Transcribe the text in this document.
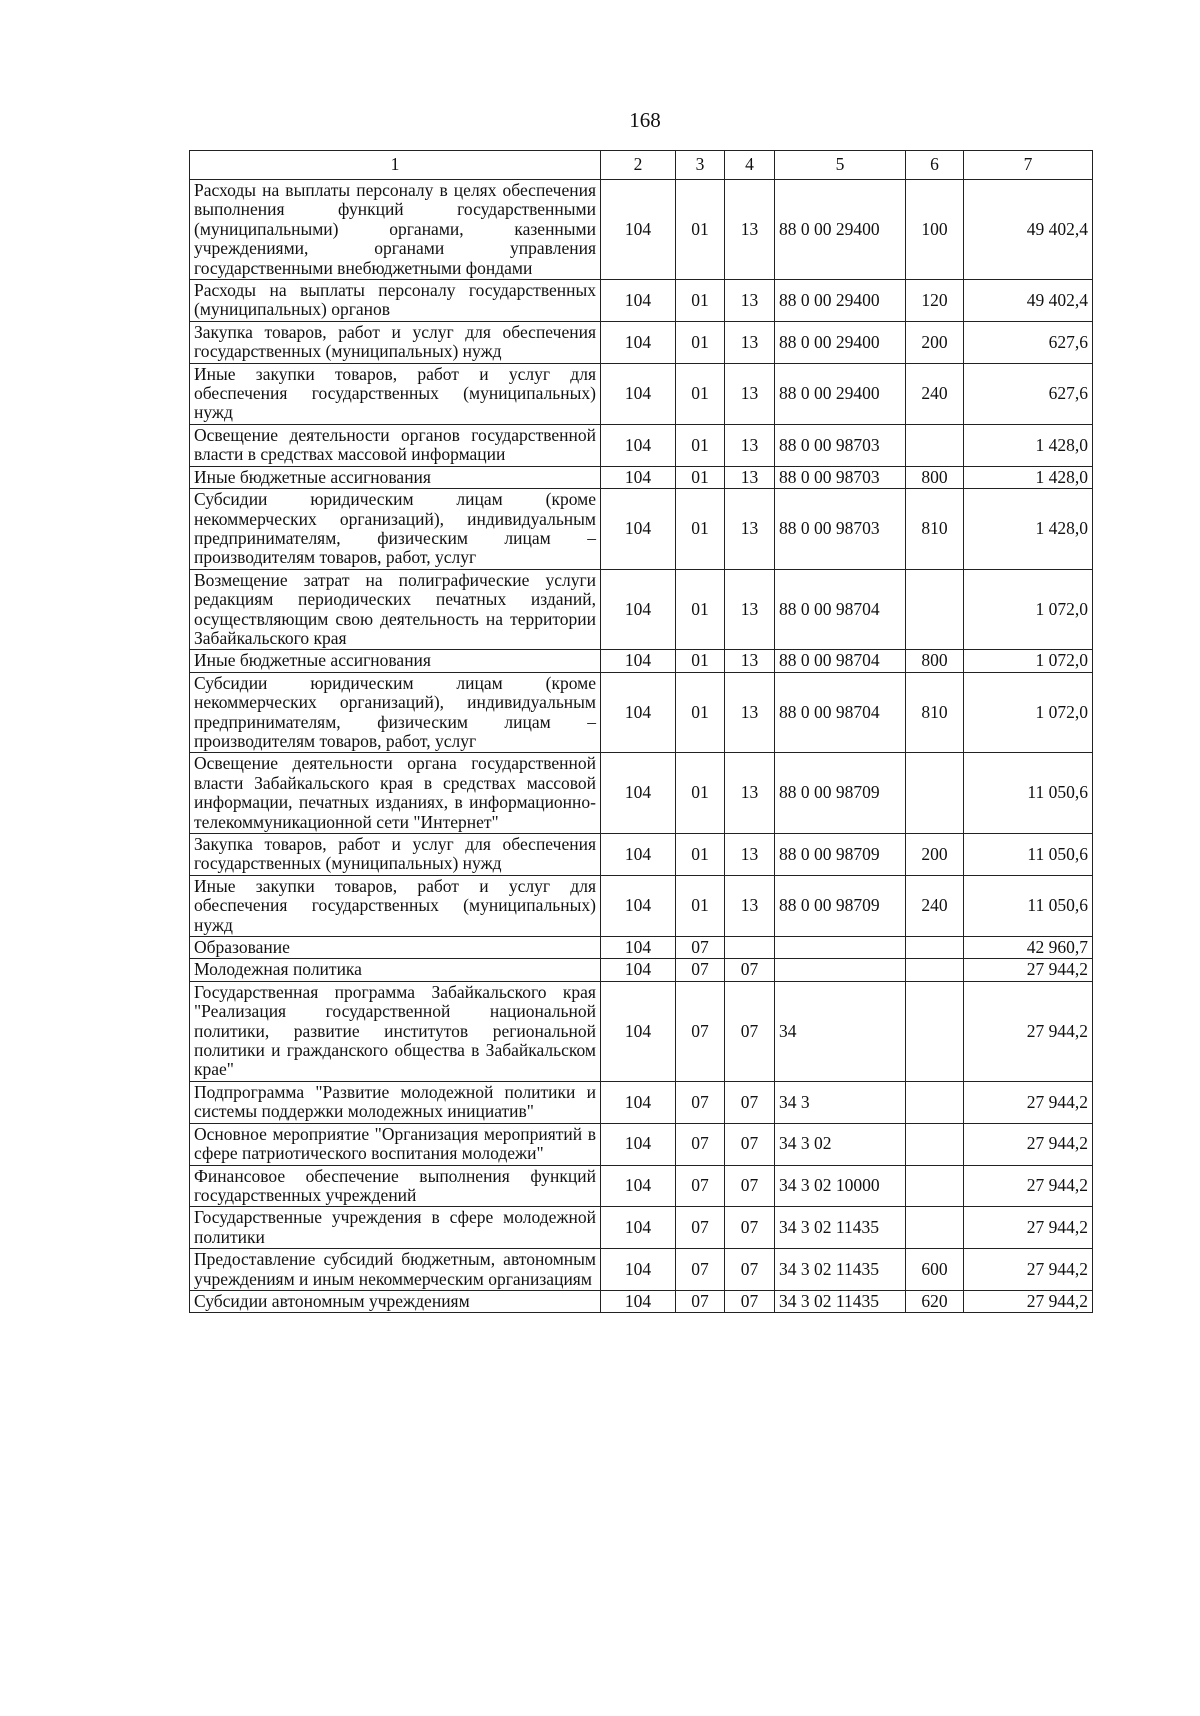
168
1	2	3	4	5	6	7
Расходы на выплаты персоналу в целях обеспечения выполнения функций государственными (муниципальными) органами, казенными учреждениями, органами управления государственными внебюджетными фондами	104	01	13	88 0 00 29400	100	49 402,4
Расходы на выплаты персоналу государственных (муниципальных) органов	104	01	13	88 0 00 29400	120	49 402,4
Закупка товаров, работ и услуг для обеспечения государственных (муниципальных) нужд	104	01	13	88 0 00 29400	200	627,6
Иные закупки товаров, работ и услуг для обеспечения государственных (муниципальных) нужд	104	01	13	88 0 00 29400	240	627,6
Освещение деятельности органов государственной власти в средствах массовой информации	104	01	13	88 0 00 98703		1 428,0
Иные бюджетные ассигнования	104	01	13	88 0 00 98703	800	1 428,0
Субсидии юридическим лицам (кроме некоммерческих организаций), индивидуальным предпринимателям, физическим лицам – производителям товаров, работ, услуг	104	01	13	88 0 00 98703	810	1 428,0
Возмещение затрат на полиграфические услуги редакциям периодических печатных изданий, осуществляющим свою деятельность на территории Забайкальского края	104	01	13	88 0 00 98704		1 072,0
Иные бюджетные ассигнования	104	01	13	88 0 00 98704	800	1 072,0
Субсидии юридическим лицам (кроме некоммерческих организаций), индивидуальным предпринимателям, физическим лицам – производителям товаров, работ, услуг	104	01	13	88 0 00 98704	810	1 072,0
Освещение деятельности органа государственной власти Забайкальского края в средствах массовой информации, печатных изданиях, в информационно-телекоммуникационной сети "Интернет"	104	01	13	88 0 00 98709		11 050,6
Закупка товаров, работ и услуг для обеспечения государственных (муниципальных) нужд	104	01	13	88 0 00 98709	200	11 050,6
Иные закупки товаров, работ и услуг для обеспечения государственных (муниципальных) нужд	104	01	13	88 0 00 98709	240	11 050,6
Образование	104	07				42 960,7
Молодежная политика	104	07	07			27 944,2
Государственная программа Забайкальского края "Реализация государственной национальной политики, развитие институтов региональной политики и гражданского общества в Забайкальском крае"	104	07	07	34		27 944,2
Подпрограмма "Развитие молодежной политики и системы поддержки молодежных инициатив"	104	07	07	34 3		27 944,2
Основное мероприятие "Организация мероприятий в сфере патриотического воспитания молодежи"	104	07	07	34 3 02		27 944,2
Финансовое обеспечение выполнения функций государственных учреждений	104	07	07	34 3 02 10000		27 944,2
Государственные учреждения в сфере молодежной политики	104	07	07	34 3 02 11435		27 944,2
Предоставление субсидий бюджетным, автономным учреждениям и иным некоммерческим организациям	104	07	07	34 3 02 11435	600	27 944,2
Субсидии автономным учреждениям	104	07	07	34 3 02 11435	620	27 944,2
